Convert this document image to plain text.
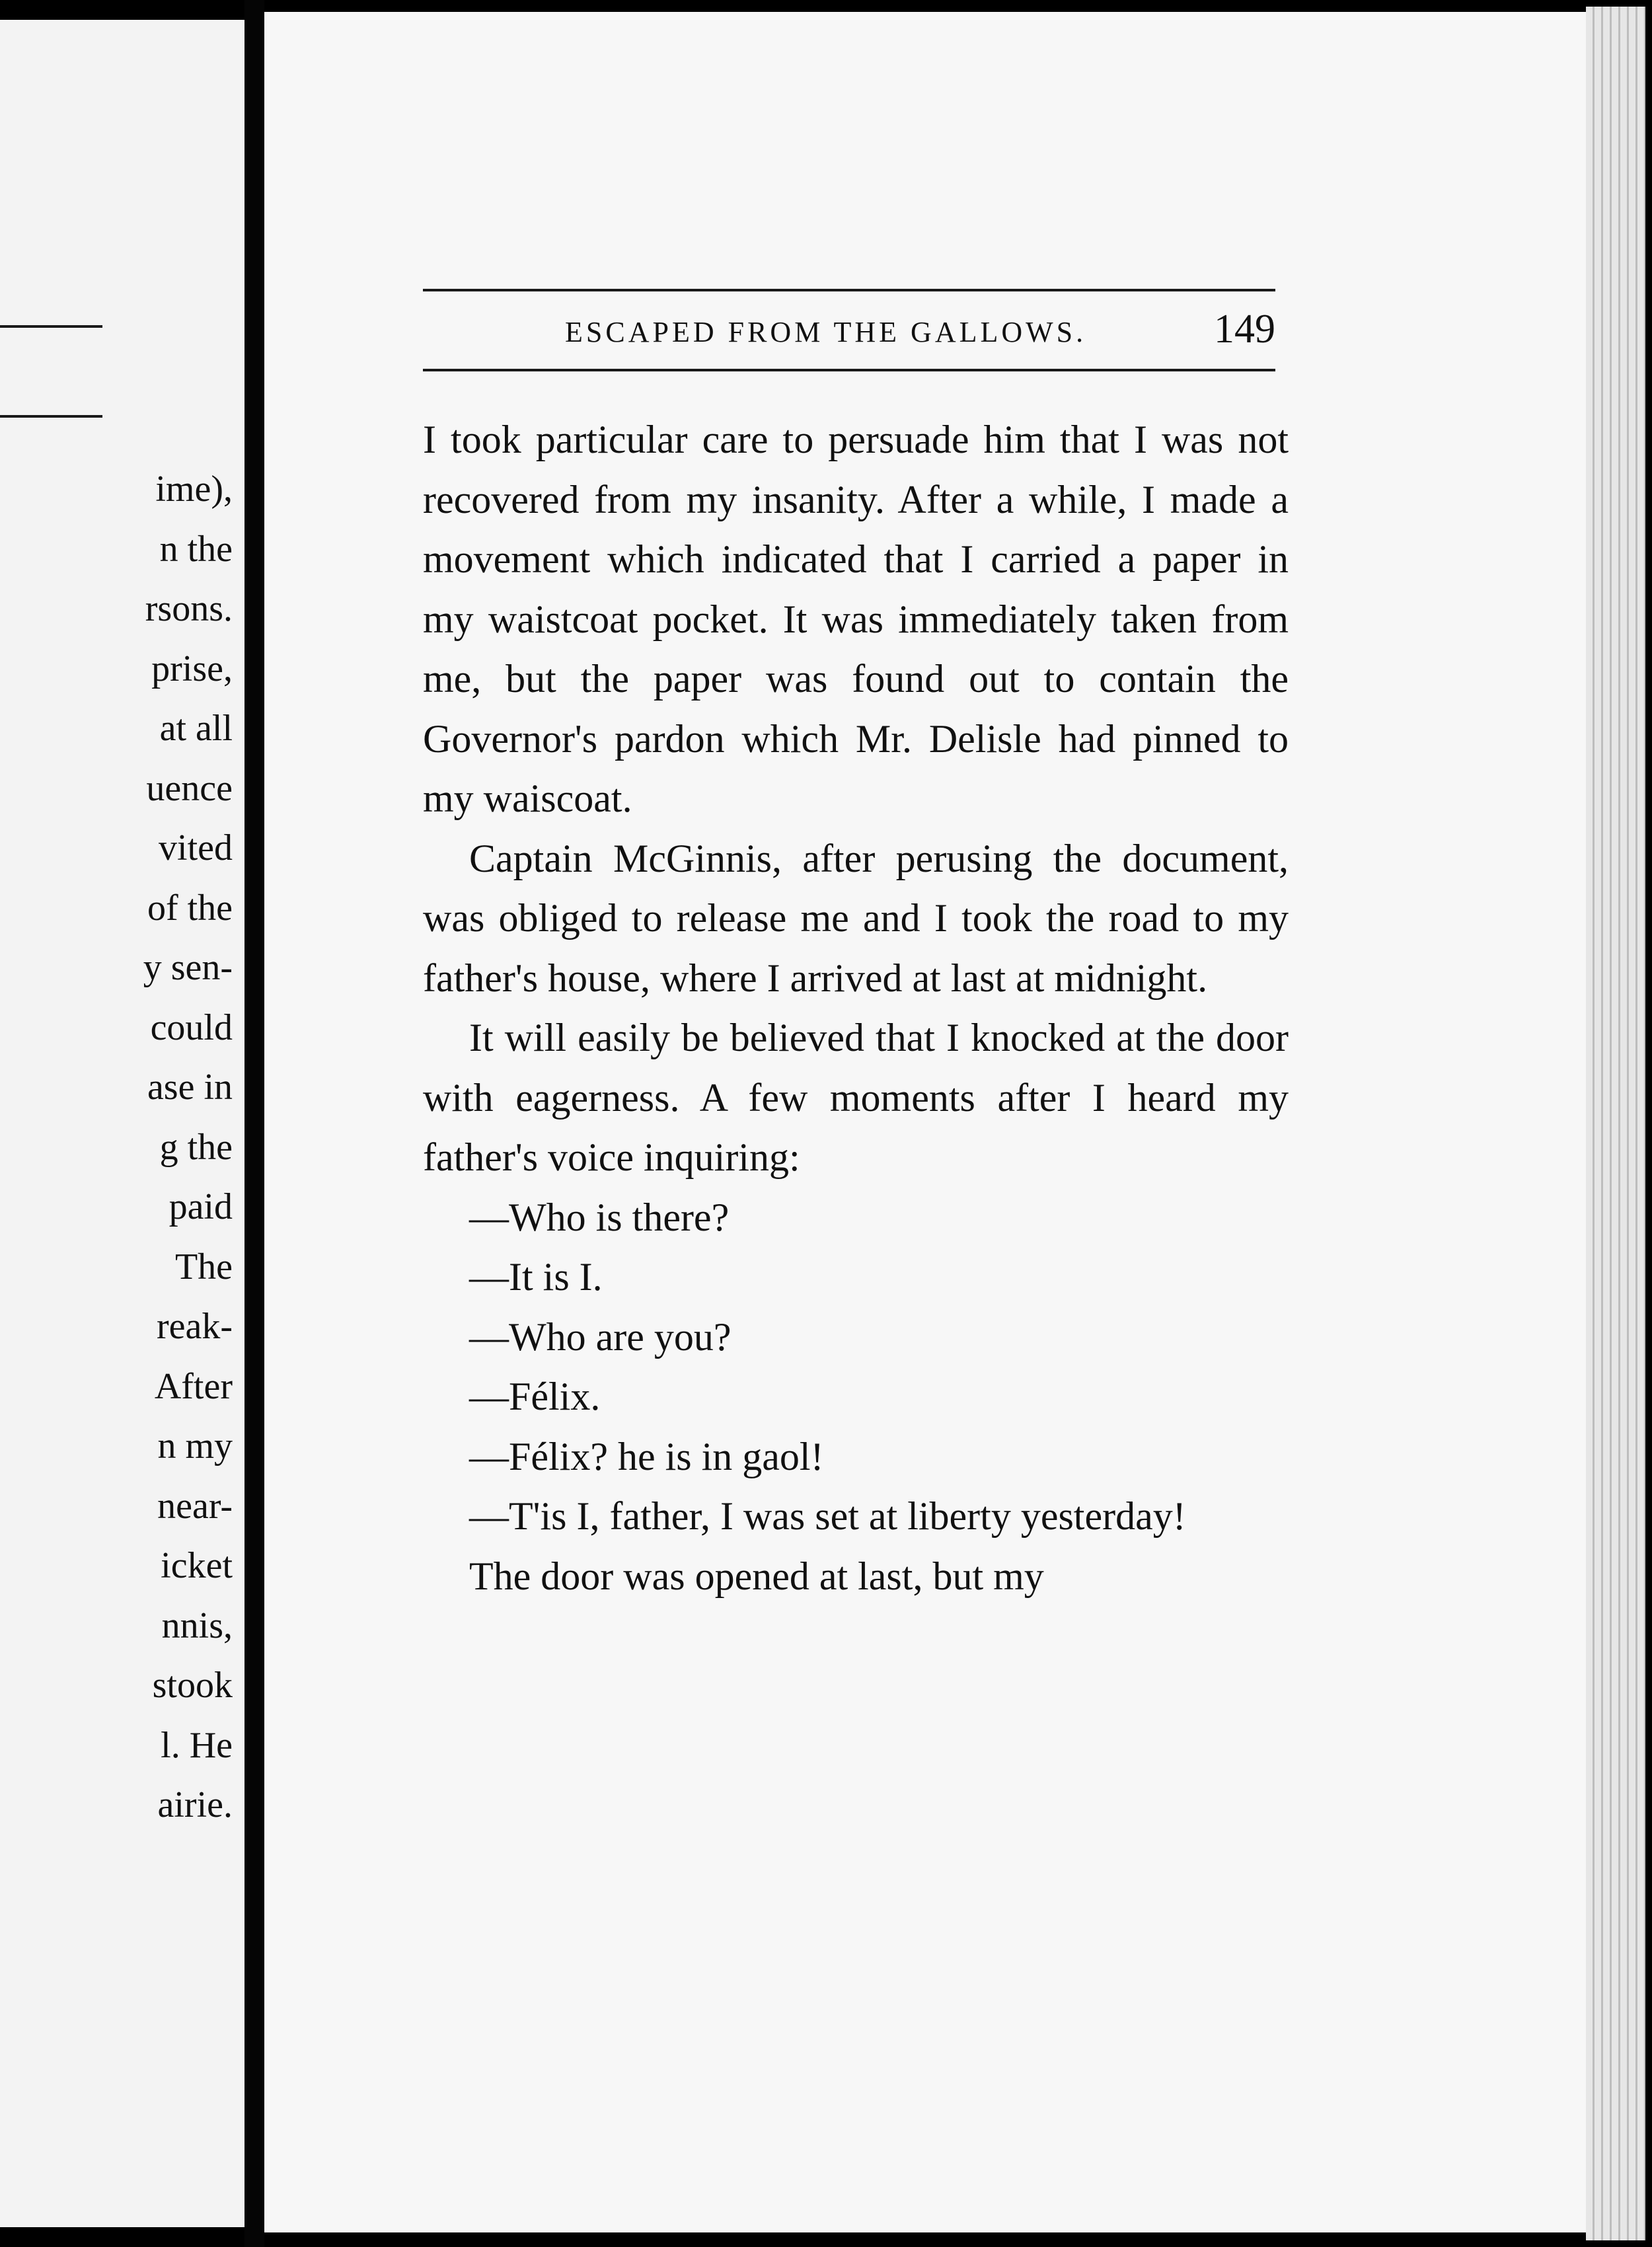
ime),
n the
rsons.
prise,
at all
uence
vited
of the
y sen-
could
ase in
g the
paid
The
reak-
After
n my
near-
icket
nnis,
stook
l. He
airie.
ESCAPED FROM THE GALLOWS.	149

I took particular care to persuade him that I was not recovered from my insanity. After a while, I made a movement which indicated that I carried a paper in my waistcoat pocket. It was immediately taken from me, but the paper was found out to contain the Governor's pardon which Mr. Delisle had pinned to my waiscoat.

Captain McGinnis, after perusing the document, was obliged to release me and I took the road to my father's house, where I arrived at last at midnight.

It will easily be believed that I knocked at the door with eagerness. A few moments after I heard my father's voice inquiring:

—Who is there?

—It is I.

—Who are you?

—Félix.

—Félix? he is in gaol!

—T'is I, father, I was set at liberty yesterday!

The door was opened at last, but my
